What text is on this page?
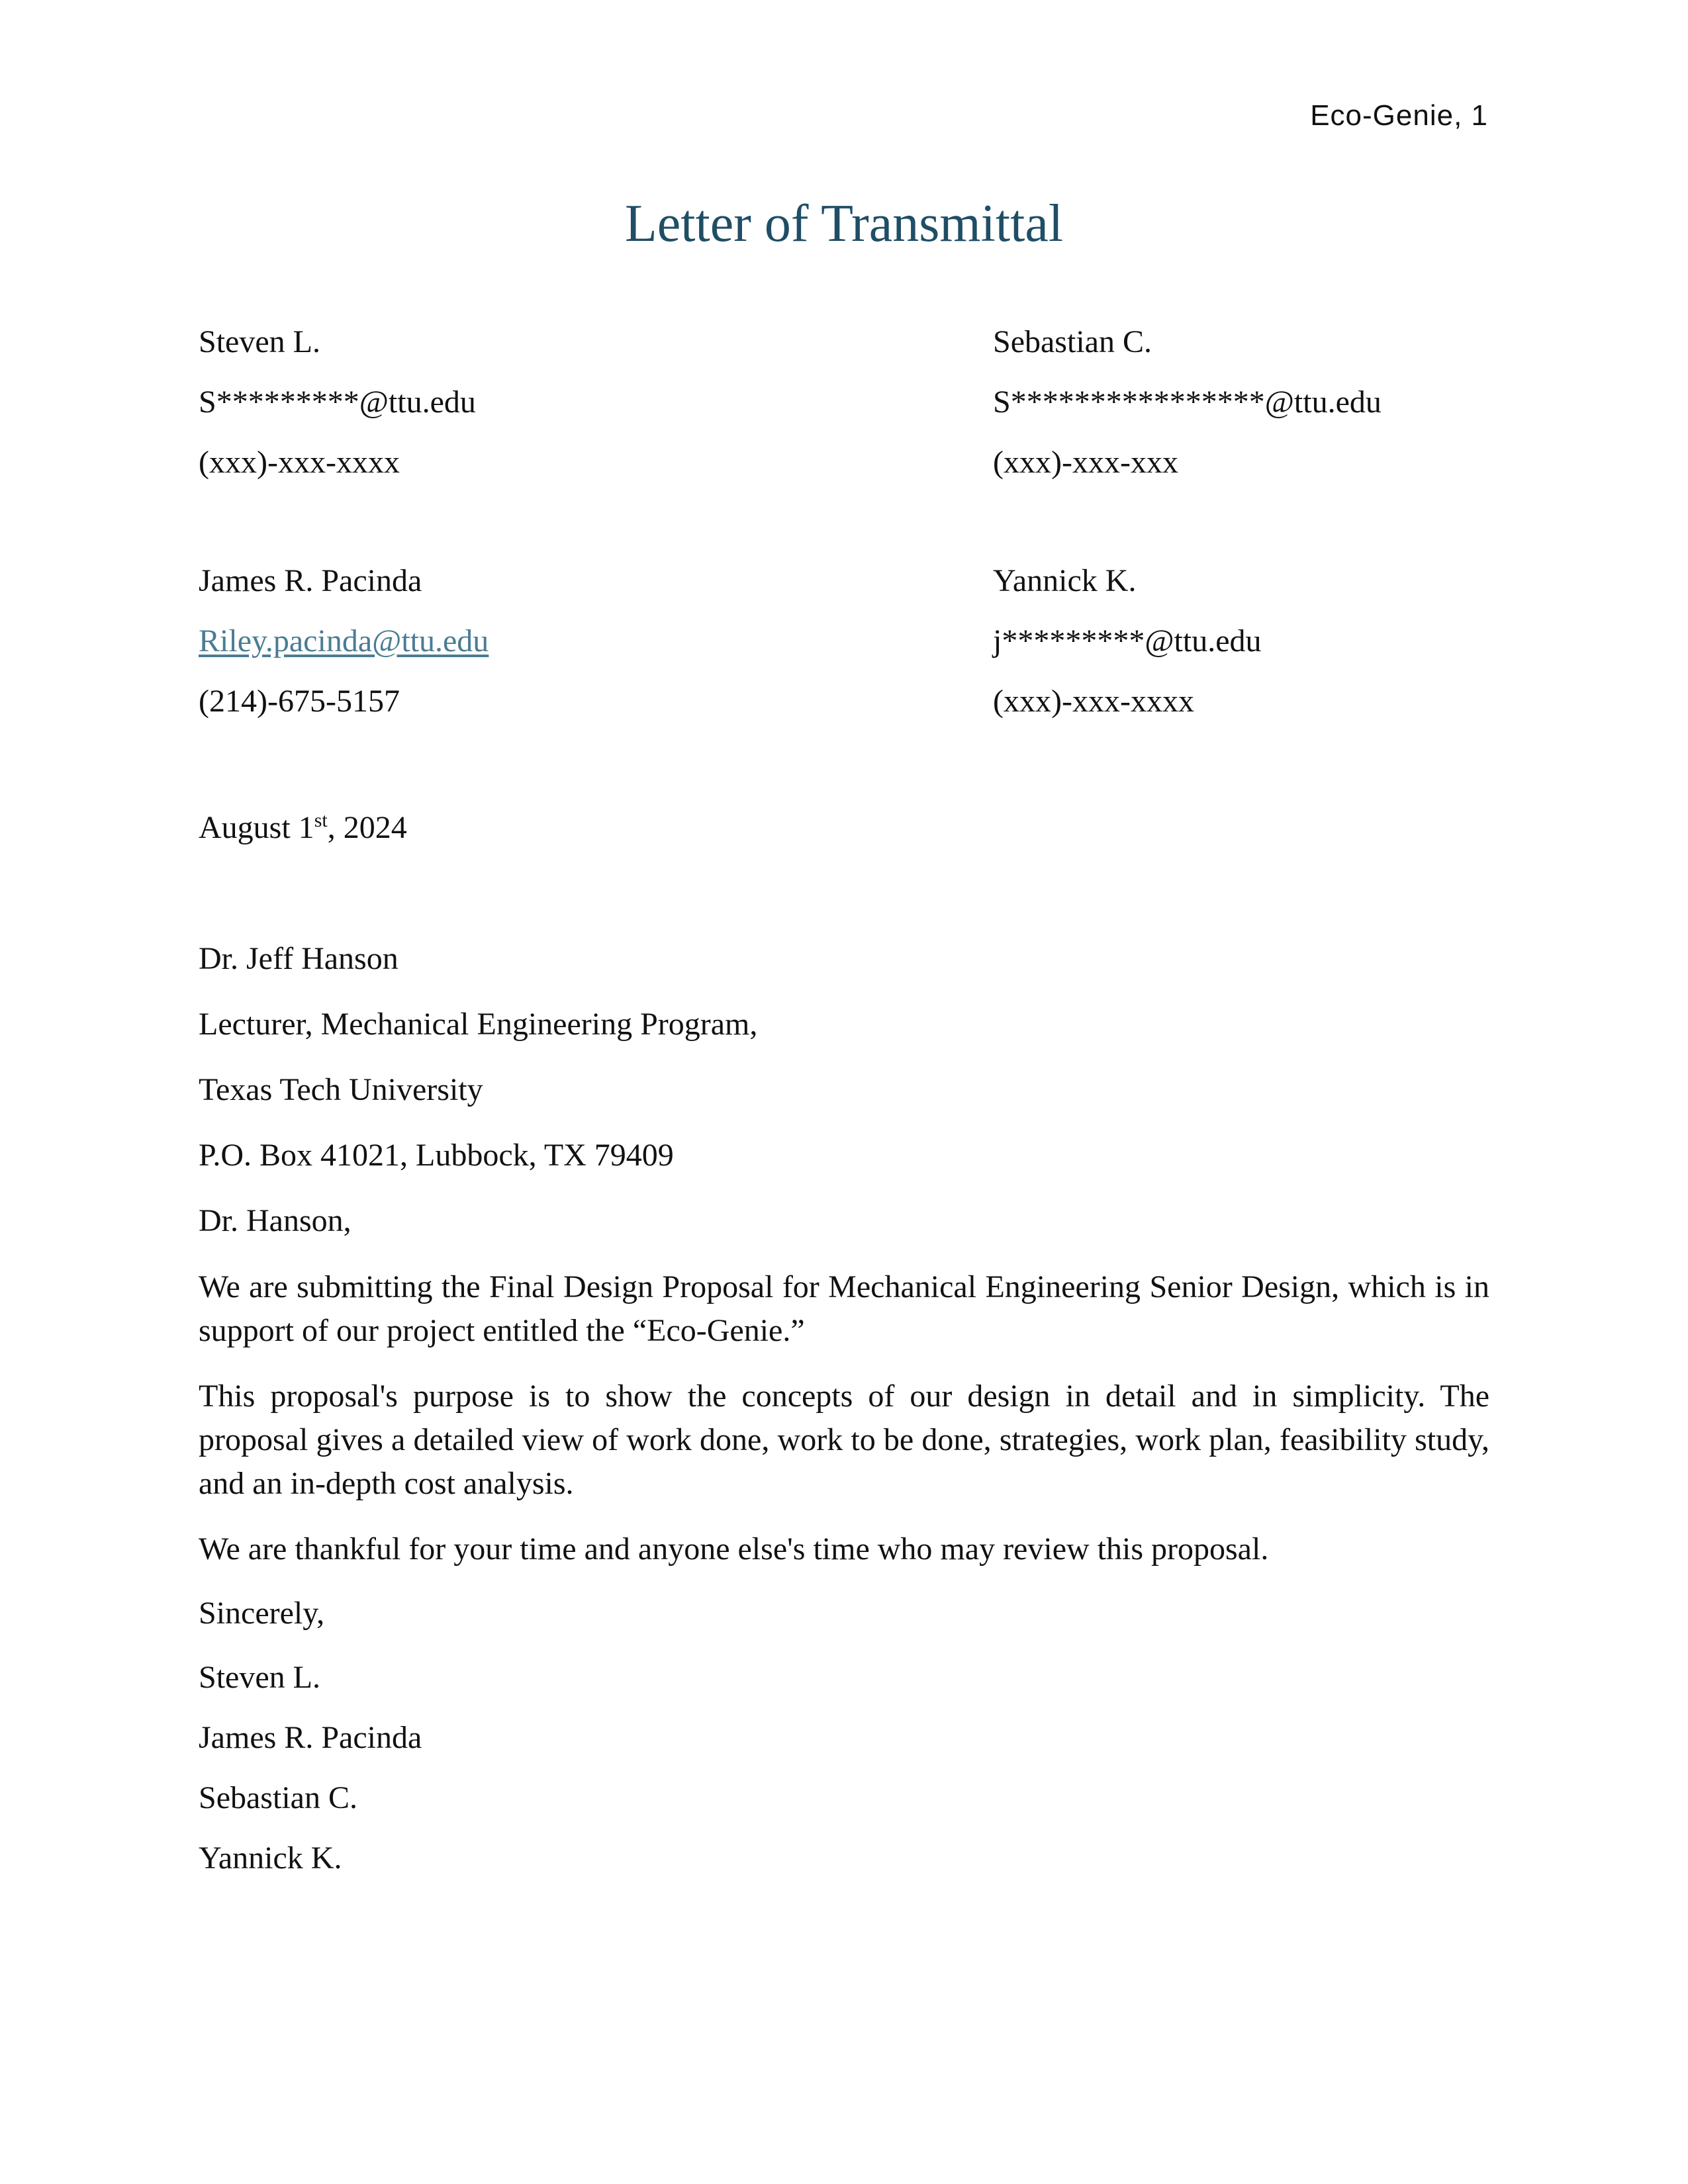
Eco-Genie, 1
Letter of Transmittal
Steven L.
S*********@ttu.edu
(xxx)-xxx-xxxx
James R. Pacinda
Riley.pacinda@ttu.edu
(214)-675-5157
Sebastian C.
S****************@ttu.edu
(xxx)-xxx-xxx
Yannick K.
j*********@ttu.edu
(xxx)-xxx-xxxx
August 1st, 2024
Dr. Jeff Hanson
Lecturer, Mechanical Engineering Program,
Texas Tech University
P.O. Box 41021, Lubbock, TX 79409
Dr. Hanson,
We are submitting the Final Design Proposal for Mechanical Engineering Senior Design, which is in support of our project entitled the “Eco-Genie.”
This proposal's purpose is to show the concepts of our design in detail and in simplicity. The proposal gives a detailed view of work done, work to be done, strategies, work plan, feasibility study, and an in-depth cost analysis.
We are thankful for your time and anyone else's time who may review this proposal.
Sincerely,
Steven L.
James R. Pacinda
Sebastian C.
Yannick K.
